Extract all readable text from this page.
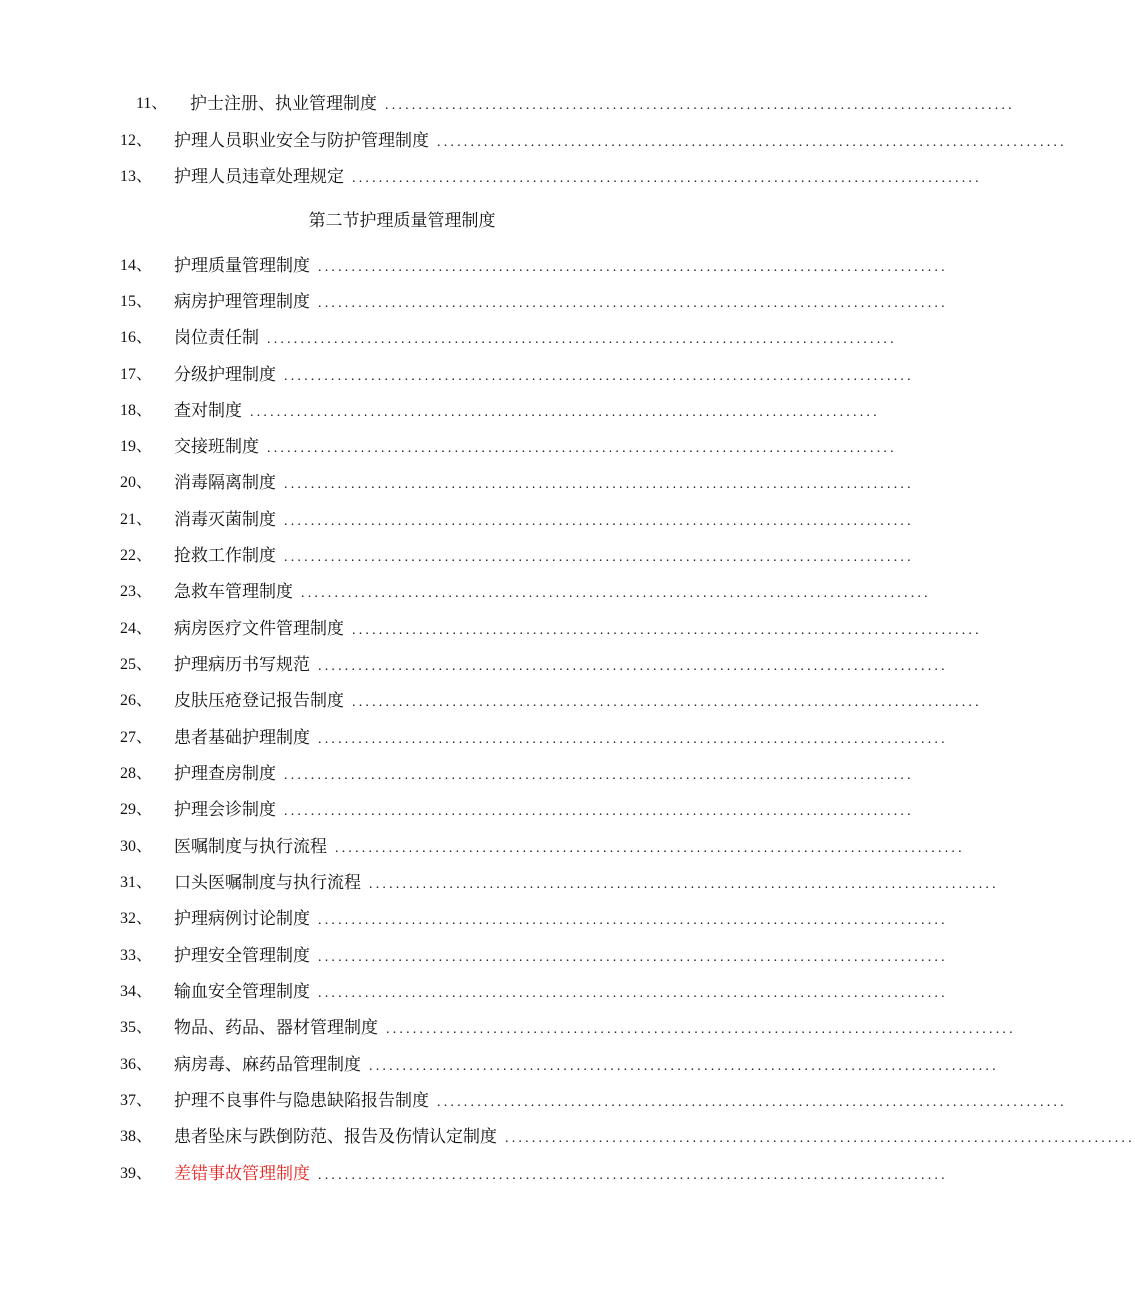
11、	护士注册、执业管理制度 ..............................................................................................
12、	护理人员职业安全与防护管理制度 ..............................................................................................
13、	护理人员违章处理规定 ..............................................................................................
第二节护理质量管理制度
14、	护理质量管理制度 ..............................................................................................
15、	病房护理管理制度 ..............................................................................................
16、	岗位责任制 ..............................................................................................
17、	分级护理制度 ..............................................................................................
18、	查对制度 ..............................................................................................
19、	交接班制度 ..............................................................................................
20、	消毒隔离制度 ..............................................................................................
21、	消毒灭菌制度 ..............................................................................................
22、	抢救工作制度 ..............................................................................................
23、	急救车管理制度 ..............................................................................................
24、	病房医疗文件管理制度 ..............................................................................................
25、	护理病历书写规范 ..............................................................................................
26、	皮肤压疮登记报告制度 ..............................................................................................
27、	患者基础护理制度 ..............................................................................................
28、	护理查房制度 ..............................................................................................
29、	护理会诊制度 ..............................................................................................
30、	医嘱制度与执行流程 ..............................................................................................
31、	口头医嘱制度与执行流程 ..............................................................................................
32、	护理病例讨论制度 ..............................................................................................
33、	护理安全管理制度 ..............................................................................................
34、	输血安全管理制度 ..............................................................................................
35、	物品、药品、器材管理制度 ..............................................................................................
36、	病房毒、麻药品管理制度 ..............................................................................................
37、	护理不良事件与隐患缺陷报告制度 ..............................................................................................
38、	患者坠床与跌倒防范、报告及伤情认定制度 ..............................................................................................
39、	差错事故管理制度 ..............................................................................................
